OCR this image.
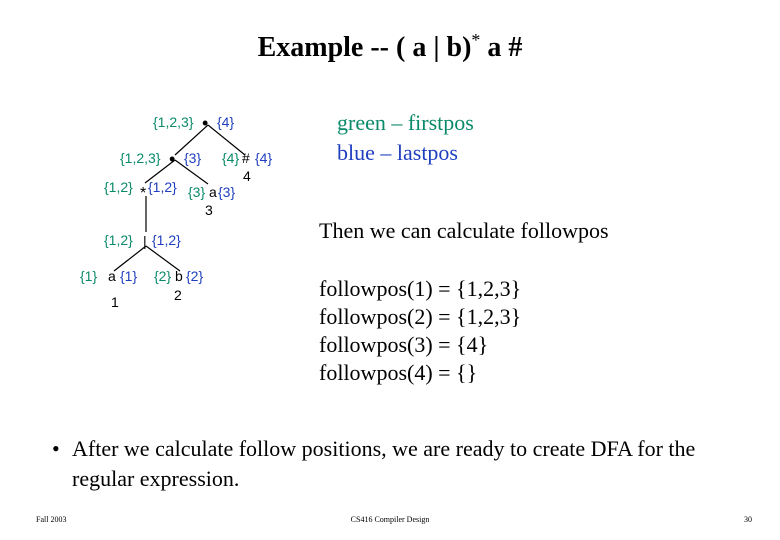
Example -- ( a | b)* a #
{1,2,3} • {4}
{1,2,3} • {3} {4} # {4}
4
{1,2} * {1,2} {3} a {3}
3
{1,2} | {1,2}
{1} a {1}
1
{2} b {2}
2
green – firstpos
blue – lastpos
Then we can calculate followpos
followpos(1) = {1,2,3}
followpos(2) = {1,2,3}
followpos(3) = {4}
followpos(4) = {}
• After we calculate follow positions, we are ready to create DFA for the regular expression.
Fall 2003	CS416 Compiler Design	30
